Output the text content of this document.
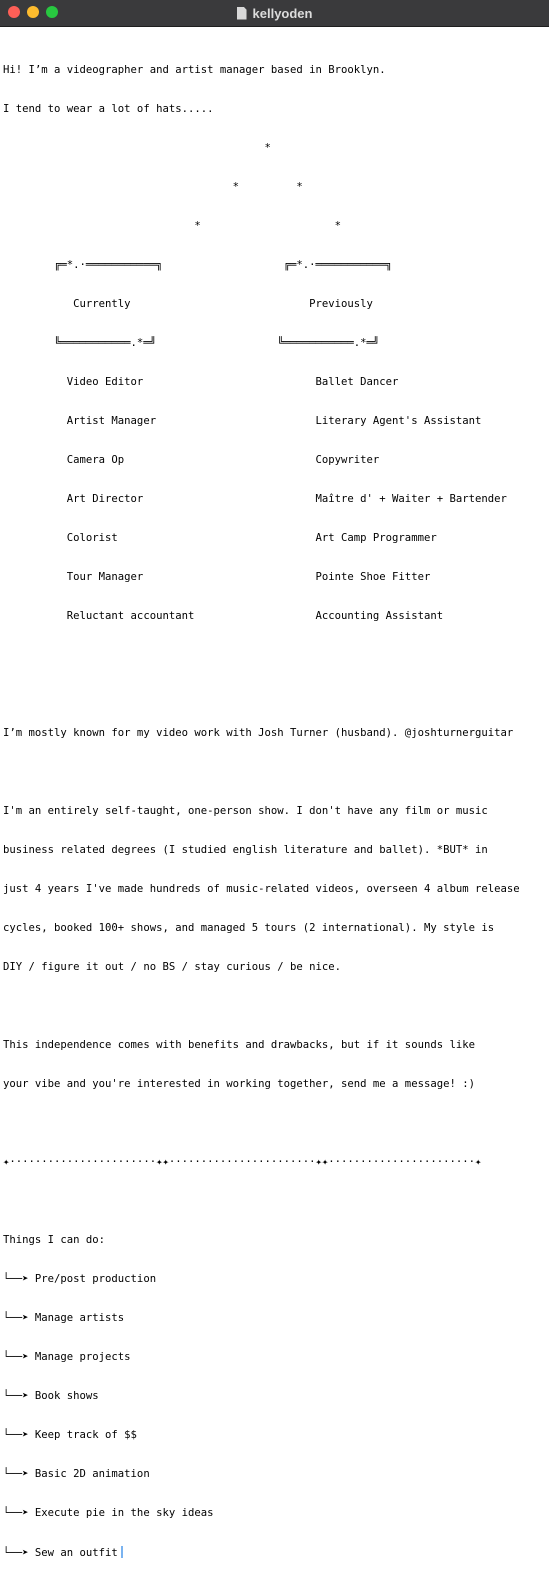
kellyoden

Hi! I’m a videographer and artist manager based in Brooklyn.

I tend to wear a lot of hats.....

*

*         *

*                     *

╔═*.·═══════════╗                   ╔═*.·═══════════╗

Currently                            Previously

╚═══════════.*═╝                   ╚═══════════.*═╝

Video Editor                           Ballet Dancer

Artist Manager                         Literary Agent's Assistant

Camera Op                              Copywriter

Art Director                           Maître d' + Waiter + Bartender

Colorist                               Art Camp Programmer

Tour Manager                           Pointe Shoe Fitter

Reluctant accountant                   Accounting Assistant

I’m mostly known for my video work with Josh Turner (husband). @joshturnerguitar

I'm an entirely self-taught, one-person show. I don't have any film or music

business related degrees (I studied english literature and ballet). *BUT* in

just 4 years I've made hundreds of music-related videos, overseen 4 album release

cycles, booked 100+ shows, and managed 5 tours (2 international). My style is

DIY / figure it out / no BS / stay curious / be nice.

This independence comes with benefits and drawbacks, but if it sounds like

your vibe and you're interested in working together, send me a message! :)

✦·······················✦✦·······················✦✦·······················✦

Things I can do:

└──➤ Pre/post production

└──➤ Manage artists

└──➤ Manage projects

└──➤ Book shows

└──➤ Keep track of $$

└──➤ Basic 2D animation

└──➤ Execute pie in the sky ideas

└──➤ Sew an outfit
